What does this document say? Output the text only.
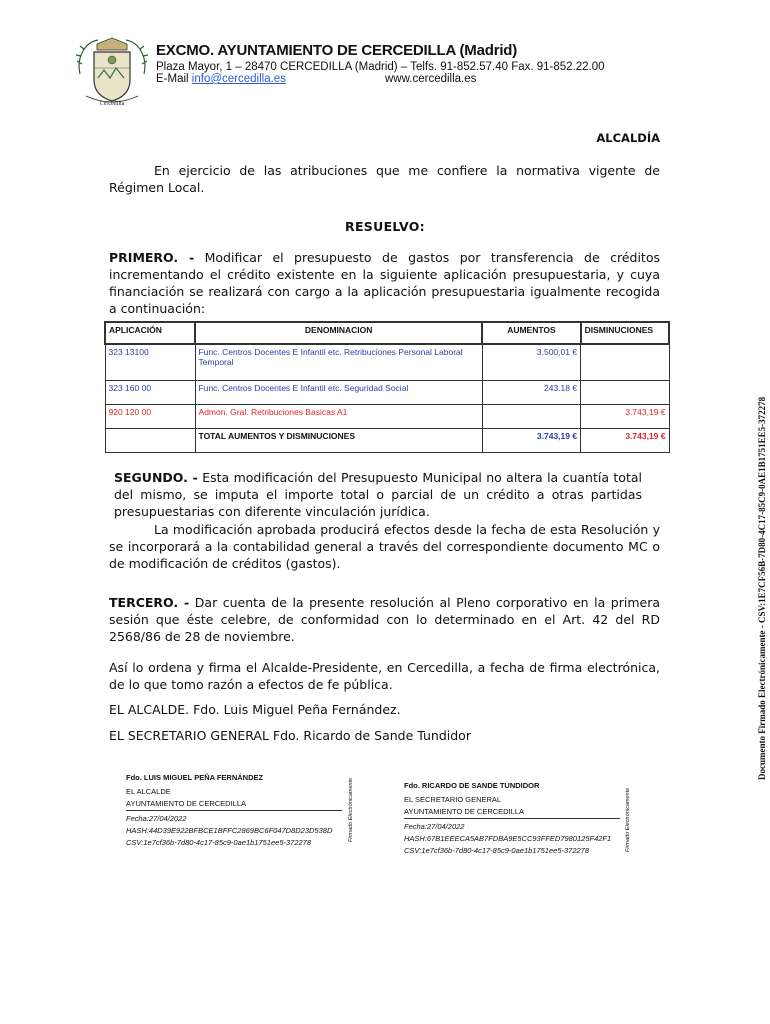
Cercedilla
EXCMO. AYUNTAMIENTO DE CERCEDILLA (Madrid)
Plaza Mayor, 1 – 28470 CERCEDILLA (Madrid) – Telfs. 91-852.57.40 Fax. 91-852.22.00
E-Mail info@cercedilla.es	www.cercedilla.es
ALCALDÍA
En ejercicio de las atribuciones que me confiere la normativa vigente de Régimen Local.
RESUELVO:
PRIMERO. - Modificar el presupuesto de gastos por transferencia de créditos incrementando el crédito existente en la siguiente aplicación presupuestaria, y cuya financiación se realizará con cargo a la aplicación presupuestaria igualmente recogida a continuación:
APLICACIÓN	DENOMINACION	AUMENTOS	DISMINUCIONES
323 13100	Func. Centros Docentes E Infantil etc. Retribuciones Personal Laboral Temporal	3.500,01 €	
323 160 00	Func. Centros Docentes E Infantil etc. Seguridad Social	243.18 €	
920 120 00	Admon. Gral. Retribuciones Basicas A1		3.743,19 €
	TOTAL AUMENTOS Y DISMINUCIONES	3.743,19 €	3.743,19 €
SEGUNDO. - Esta modificación del Presupuesto Municipal no altera la cuantía total del mismo, se imputa el importe total o parcial de un crédito a otras partidas presupuestarias con diferente vinculación jurídica.
La modificación aprobada producirá efectos desde la fecha de esta Resolución y se incorporará a la contabilidad general a través del correspondiente documento MC o de modificación de créditos (gastos).
TERCERO. - Dar cuenta de la presente resolución al Pleno corporativo en la primera sesión que éste celebre, de conformidad con lo determinado en el Art. 42 del RD 2568/86 de 28 de noviembre.
Así lo ordena y firma el Alcalde-Presidente, en Cercedilla, a fecha de firma electrónica, de lo que tomo razón a efectos de fe pública.
EL ALCALDE. Fdo. Luis Miguel Peña Fernández.
EL SECRETARIO GENERAL Fdo. Ricardo de Sande Tundidor	Documento Firmado Electrónicamente - CSV:1E7CF56B-7D80-4C17-85C9-0AE1B1751EE5-372278
Fdo. LUIS MIGUEL PEÑA FERNÁNDEZ
EL ALCALDE
AYUNTAMIENTO DE CERCEDILLA
Fecha:27/04/2022
HASH:44D39E922BFBCE1BFFC2869BC6F047D8D23D538D
CSV:1e7cf36b-7d80-4c17-85c9-0ae1b1751ee5-372278
Firmado Electrónicamente	Fdo. RICARDO DE SANDE TUNDIDOR
EL SECRETARIO GENERAL
AYUNTAMIENTO DE CERCEDILLA
Fecha:27/04/2022
HASH:67B1EEECA5AB7FDBA9E5CC93FFED7980125F42F1
CSV:1e7cf36b-7d80-4c17-85c9-0ae1b1751ee5-372278	Firmado Electrónicamente
